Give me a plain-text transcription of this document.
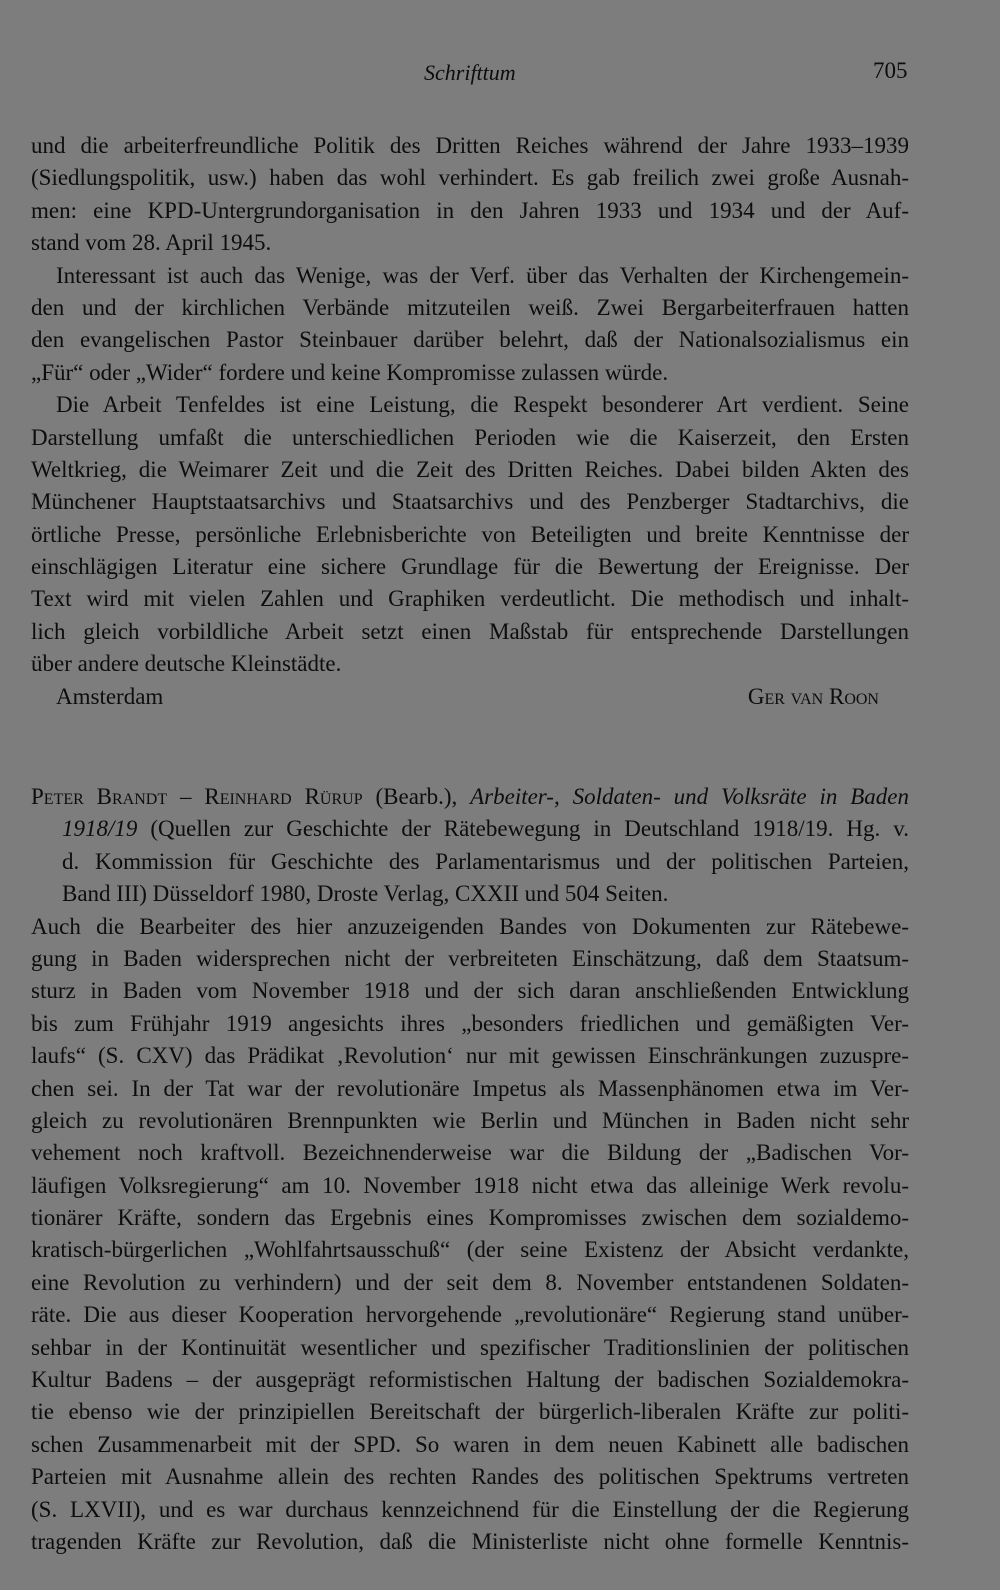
Schrifttum	705
und die arbeiterfreundliche Politik des Dritten Reiches während der Jahre 1933–1939
(Siedlungspolitik, usw.) haben das wohl verhindert. Es gab freilich zwei große Ausnah-
men: eine KPD-Untergrundorganisation in den Jahren 1933 und 1934 und der Auf-
stand vom 28. April 1945.
Interessant ist auch das Wenige, was der Verf. über das Verhalten der Kirchengemein-
den und der kirchlichen Verbände mitzuteilen weiß. Zwei Bergarbeiterfrauen hatten
den evangelischen Pastor Steinbauer darüber belehrt, daß der Nationalsozialismus ein
„Für“ oder „Wider“ fordere und keine Kompromisse zulassen würde.
Die Arbeit Tenfeldes ist eine Leistung, die Respekt besonderer Art verdient. Seine
Darstellung umfaßt die unterschiedlichen Perioden wie die Kaiserzeit, den Ersten
Weltkrieg, die Weimarer Zeit und die Zeit des Dritten Reiches. Dabei bilden Akten des
Münchener Hauptstaatsarchivs und Staatsarchivs und des Penzberger Stadtarchivs, die
örtliche Presse, persönliche Erlebnisberichte von Beteiligten und breite Kenntnisse der
einschlägigen Literatur eine sichere Grundlage für die Bewertung der Ereignisse. Der
Text wird mit vielen Zahlen und Graphiken verdeutlicht. Die methodisch und inhalt-
lich gleich vorbildliche Arbeit setzt einen Maßstab für entsprechende Darstellungen
über andere deutsche Kleinstädte.
Amsterdam	Ger van Roon
Peter Brandt – Reinhard Rürup (Bearb.), Arbeiter-, Soldaten- und Volksräte in Baden
1918/19 (Quellen zur Geschichte der Rätebewegung in Deutschland 1918/19. Hg. v.
d. Kommission für Geschichte des Parlamentarismus und der politischen Parteien,
Band III) Düsseldorf 1980, Droste Verlag, CXXII und 504 Seiten.
Auch die Bearbeiter des hier anzuzeigenden Bandes von Dokumenten zur Rätebewe-
gung in Baden widersprechen nicht der verbreiteten Einschätzung, daß dem Staatsum-
sturz in Baden vom November 1918 und der sich daran anschließenden Entwicklung
bis zum Frühjahr 1919 angesichts ihres „besonders friedlichen und gemäßigten Ver-
laufs“ (S. CXV) das Prädikat ‚Revolution‘ nur mit gewissen Einschränkungen zuzuspre-
chen sei. In der Tat war der revolutionäre Impetus als Massenphänomen etwa im Ver-
gleich zu revolutionären Brennpunkten wie Berlin und München in Baden nicht sehr
vehement noch kraftvoll. Bezeichnenderweise war die Bildung der „Badischen Vor-
läufigen Volksregierung“ am 10. November 1918 nicht etwa das alleinige Werk revolu-
tionärer Kräfte, sondern das Ergebnis eines Kompromisses zwischen dem sozialdemo-
kratisch-bürgerlichen „Wohlfahrtsausschuß“ (der seine Existenz der Absicht verdankte,
eine Revolution zu verhindern) und der seit dem 8. November entstandenen Soldaten-
räte. Die aus dieser Kooperation hervorgehende „revolutionäre“ Regierung stand unüber-
sehbar in der Kontinuität wesentlicher und spezifischer Traditionslinien der politischen
Kultur Badens – der ausgeprägt reformistischen Haltung der badischen Sozialdemokra-
tie ebenso wie der prinzipiellen Bereitschaft der bürgerlich-liberalen Kräfte zur politi-
schen Zusammenarbeit mit der SPD. So waren in dem neuen Kabinett alle badischen
Parteien mit Ausnahme allein des rechten Randes des politischen Spektrums vertreten
(S. LXVII), und es war durchaus kennzeichnend für die Einstellung der die Regierung
tragenden Kräfte zur Revolution, daß die Ministerliste nicht ohne formelle Kenntnis-
